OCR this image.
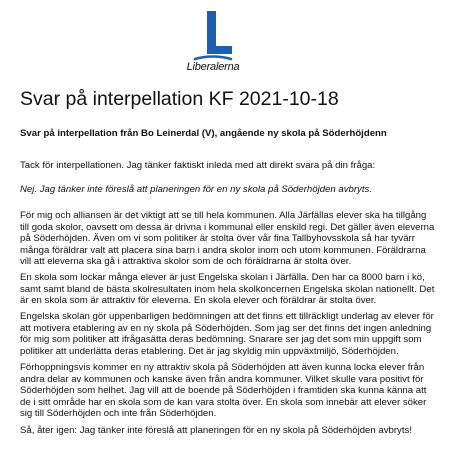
Liberalerna
Svar på interpellation KF 2021-10-18
Svar på interpellation från Bo Leinerdal (V), angående ny skola på Söderhöjdenn

Tack för interpellationen. Jag tänker faktiskt inleda med att direkt svara på din fråga:

Nej. Jag tänker inte föreslå att planeringen för en ny skola på Söderhöjden avbryts.

För mig och alliansen är det viktigt att se till hela kommunen. Alla Järfällas elever ska ha tillgång
till goda skolor, oavsett om dessa är drivna i kommunal eller enskild regi. Det gäller även eleverna
på Söderhöjden. Även om vi som politiker är stolta över vår fina Tallbyhovsskola så har tyvärr
många föräldrar valt att placera sina barn i andra skolor inom och utom kommunen. Föräldrarna
vill att eleverna ska gå i attraktiva skolor som de och föräldrarna är stolta över.

En skola som lockar många elever är just Engelska skolan i Järfälla. Den har ca 8000 barn i kö,
samt samt bland de bästa skolresultaten inom hela skolkoncernen Engelska skolan nationellt. Det
är en skola som är attraktiv för eleverna. En skola elever och föräldrar är stolta över.

Engelska skolan gör uppenbarligen bedömningen att det finns ett tillräckligt underlag av elever för
att motivera etablering av en ny skola på Söderhöjden. Som jag ser det finns det ingen anledning
för mig som politiker att ifrågasätta deras bedömning. Snarare ser jag det som min uppgift som
politiker att underlätta deras etablering. Det är jag skyldig min uppväxtmiljö, Söderhöjden.

Förhoppningsvis kommer en ny attraktiv skola på Söderhöjden att även kunna locka elever från
andra delar av kommunen och kanske även från andra kommuner. Vilket skulle vara positivt för
Söderhöjden som helhet. Jag vill att de boende på Söderhöjden i framtiden ska kunna känna att
de i sitt område har en skola som de kan vara stolta över. En skola som innebär att elever söker
sig till Söderhöjden och inte från Söderhöjden.

Så, åter igen: Jag tänker inte föreslå att planeringen för en ny skola på Söderhöjden avbryts!
